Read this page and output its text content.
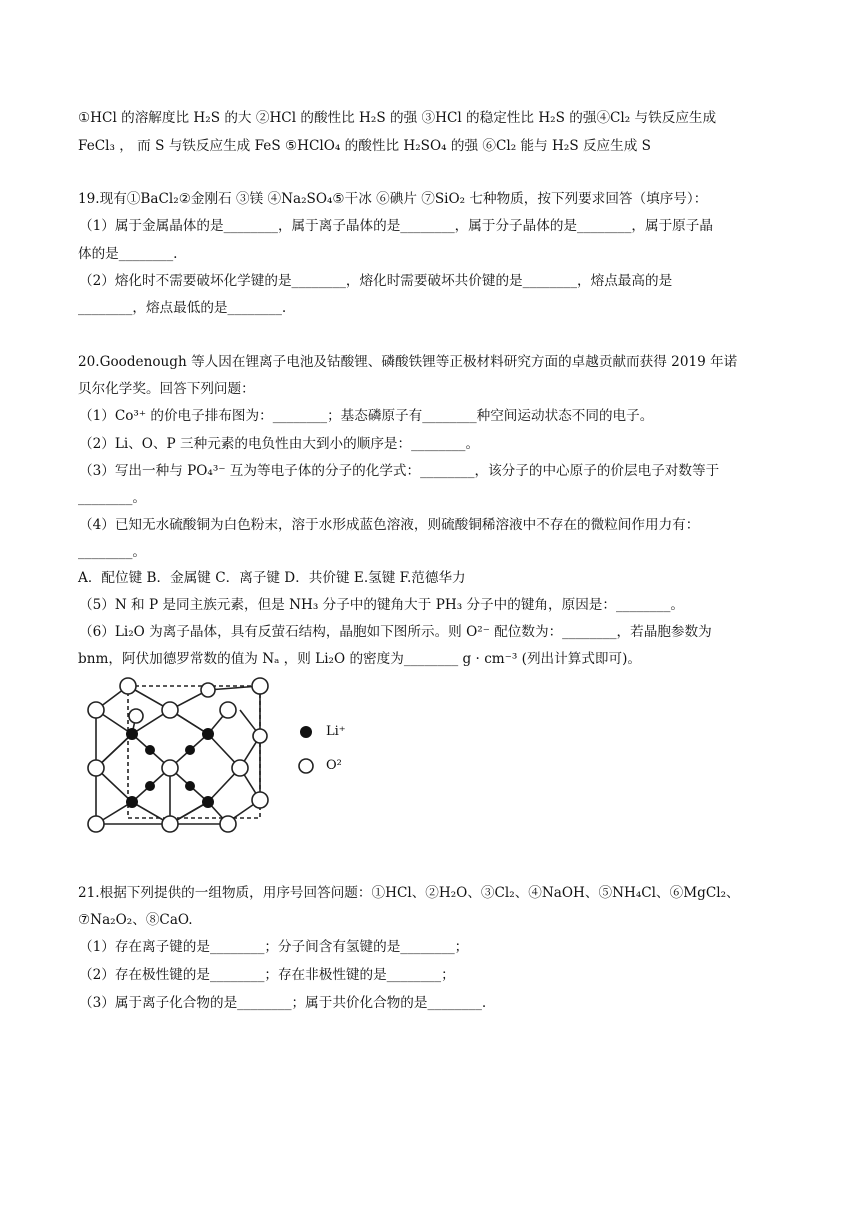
①HCl 的溶解度比 H₂S 的大 ②HCl 的酸性比 H₂S 的强 ③HCl 的稳定性比 H₂S 的强④Cl₂ 与铁反应生成
FeCl₃ ， 而 S 与铁反应生成 FeS ⑤HClO₄ 的酸性比 H₂SO₄ 的强 ⑥Cl₂ 能与 H₂S 反应生成 S
19.现有①BaCl₂②金刚石 ③镁 ④Na₂SO₄⑤干冰 ⑥碘片 ⑦SiO₂ 七种物质，按下列要求回答（填序号）：
（1）属于金属晶体的是________，属于离子晶体的是________，属于分子晶体的是________，属于原子晶
体的是________.
（2）熔化时不需要破坏化学键的是________，熔化时需要破坏共价键的是________，熔点最高的是
________，熔点最低的是________.
20.Goodenough 等人因在锂离子电池及钴酸锂、磷酸铁锂等正极材料研究方面的卓越贡献而获得 2019 年诺
贝尔化学奖。回答下列问题：
（1）Co³⁺ 的价电子排布图为：________；基态磷原子有________种空间运动状态不同的电子。
（2）Li、O、P 三种元素的电负性由大到小的顺序是：________。
（3）写出一种与 PO₄³⁻ 互为等电子体的分子的化学式：________，该分子的中心原子的价层电子对数等于
________。
（4）已知无水硫酸铜为白色粉末，溶于水形成蓝色溶液，则硫酸铜稀溶液中不存在的微粒间作用力有：
________。
A．配位键 B．金属键 C．离子键 D．共价键 E.氢键 F.范德华力
（5）N 和 P 是同主族元素，但是 NH₃ 分子中的键角大于 PH₃ 分子中的键角，原因是：________。
（6）Li₂O 为离子晶体，具有反萤石结构，晶胞如下图所示。则 O²⁻ 配位数为：________，若晶胞参数为
bnm，阿伏加德罗常数的值为 Nₐ ，则 Li₂O 的密度为________ g · cm⁻³ (列出计算式即可)。
Li⁺
O²
21.根据下列提供的一组物质，用序号回答问题：①HCl、②H₂O、③Cl₂、④NaOH、⑤NH₄Cl、⑥MgCl₂、
⑦Na₂O₂、⑧CaO.
（1）存在离子键的是________；分子间含有氢键的是________；
（2）存在极性键的是________；存在非极性键的是________；
（3）属于离子化合物的是________；属于共价化合物的是________.
